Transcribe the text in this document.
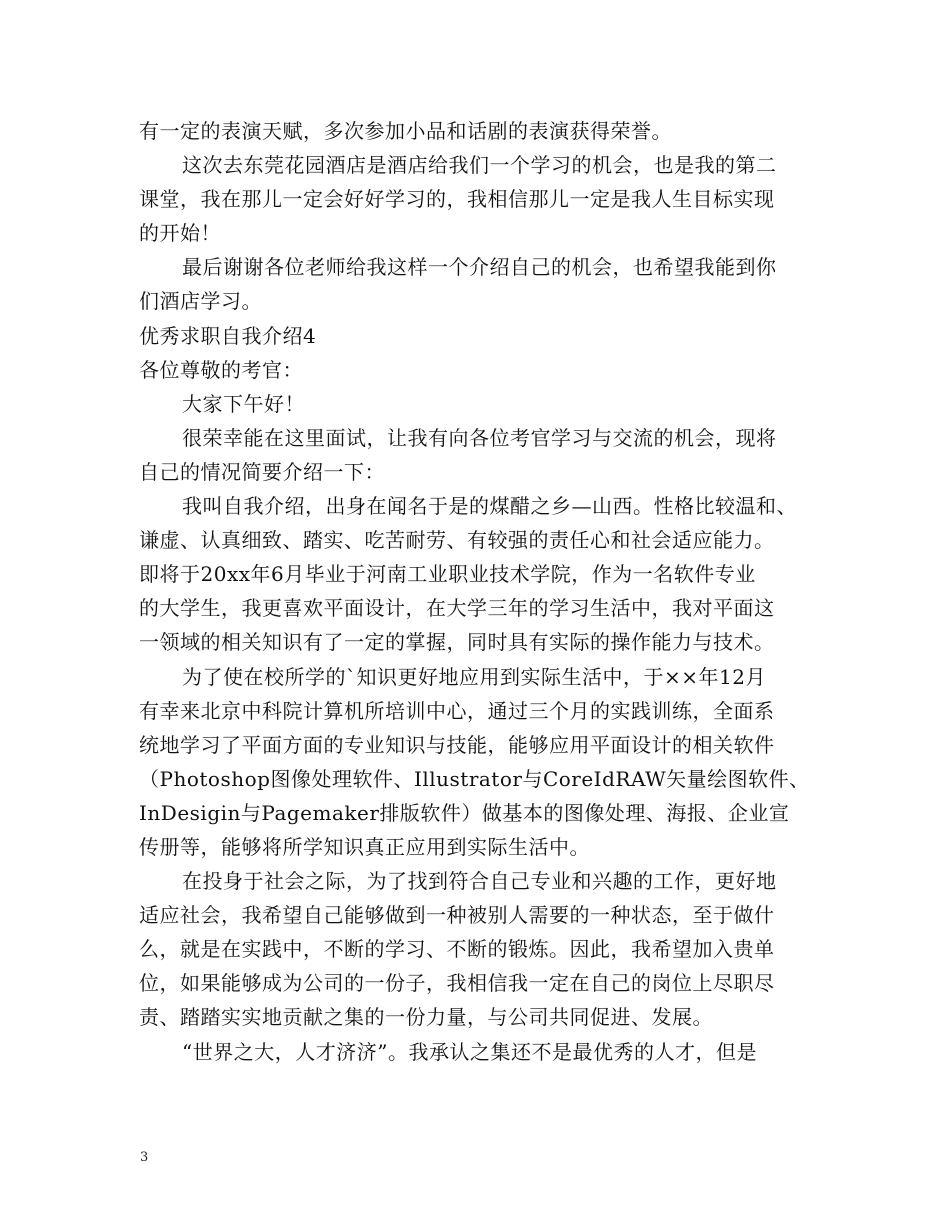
有一定的表演天赋，多次参加小品和话剧的表演获得荣誉。
这次去东莞花园酒店是酒店给我们一个学习的机会，也是我的第二
课堂，我在那儿一定会好好学习的，我相信那儿一定是我人生目标实现
的开始！
最后谢谢各位老师给我这样一个介绍自己的机会，也希望我能到你
们酒店学习。
优秀求职自我介绍4
各位尊敬的考官：
大家下午好！
很荣幸能在这里面试，让我有向各位考官学习与交流的机会，现将
自己的情况简要介绍一下：
我叫自我介绍，出身在闻名于是的煤醋之乡—山西。性格比较温和、
谦虚、认真细致、踏实、吃苦耐劳、有较强的责任心和社会适应能力。
即将于20xx年6月毕业于河南工业职业技术学院，作为一名软件专业
的大学生，我更喜欢平面设计，在大学三年的学习生活中，我对平面这
一领域的相关知识有了一定的掌握，同时具有实际的操作能力与技术。
为了使在校所学的`知识更好地应用到实际生活中，于××年12月
有幸来北京中科院计算机所培训中心，通过三个月的实践训练，全面系
统地学习了平面方面的专业知识与技能，能够应用平面设计的相关软件
（Photoshop图像处理软件、Illustrator与CoreIdRAW矢量绘图软件、
InDesigin与Pagemaker排版软件）做基本的图像处理、海报、企业宣
传册等，能够将所学知识真正应用到实际生活中。
在投身于社会之际，为了找到符合自己专业和兴趣的工作，更好地
适应社会，我希望自己能够做到一种被别人需要的一种状态，至于做什
么，就是在实践中，不断的学习、不断的锻炼。因此，我希望加入贵单
位，如果能够成为公司的一份子，我相信我一定在自己的岗位上尽职尽
责、踏踏实实地贡献之集的一份力量，与公司共同促进、发展。
“世界之大，人才济济”。我承认之集还不是最优秀的人才，但是
3
